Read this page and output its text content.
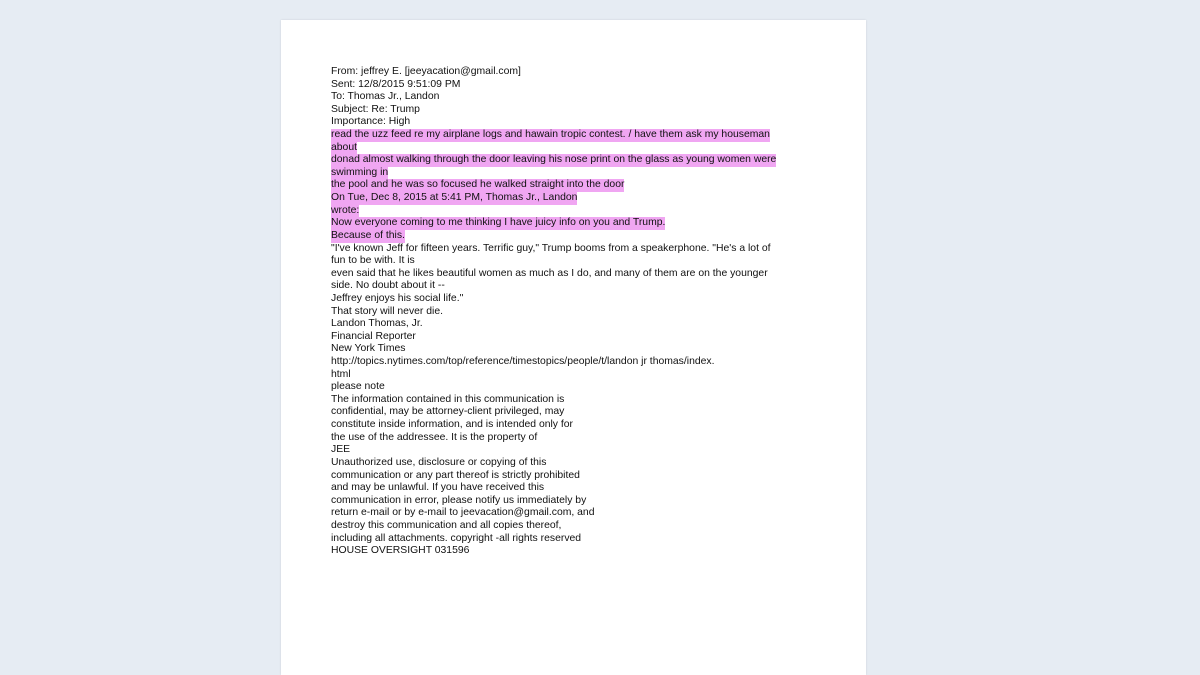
From: jeffrey E. [jeeyacation@gmail.com]
Sent: 12/8/2015 9:51:09 PM
To: Thomas Jr., Landon
Subject: Re: Trump
Importance: High
read the uzz feed re my airplane logs and hawain tropic contest. / have them ask my houseman
about
donad almost walking through the door leaving his nose print on the glass as young women were
swimming in
the pool and he was so focused he walked straight into the door
On Tue, Dec 8, 2015 at 5:41 PM, Thomas Jr., Landon
wrote:
Now everyone coming to me thinking I have juicy info on you and Trump.
Because of this.
"I've known Jeff for fifteen years. Terrific guy," Trump booms from a speakerphone. "He's a lot of
fun to be with. It is
even said that he likes beautiful women as much as I do, and many of them are on the younger
side. No doubt about it --
Jeffrey enjoys his social life."
That story will never die.
Landon Thomas, Jr.
Financial Reporter
New York Times
http://topics.nytimes.com/top/reference/timestopics/people/t/landon jr thomas/index.
html
please note
The information contained in this communication is
confidential, may be attorney-client privileged, may
constitute inside information, and is intended only for
the use of the addressee. It is the property of
JEE
Unauthorized use, disclosure or copying of this
communication or any part thereof is strictly prohibited
and may be unlawful. If you have received this
communication in error, please notify us immediately by
return e-mail or by e-mail to jeevacation@gmail.com, and
destroy this communication and all copies thereof,
including all attachments. copyright -all rights reserved
HOUSE OVERSIGHT 031596
